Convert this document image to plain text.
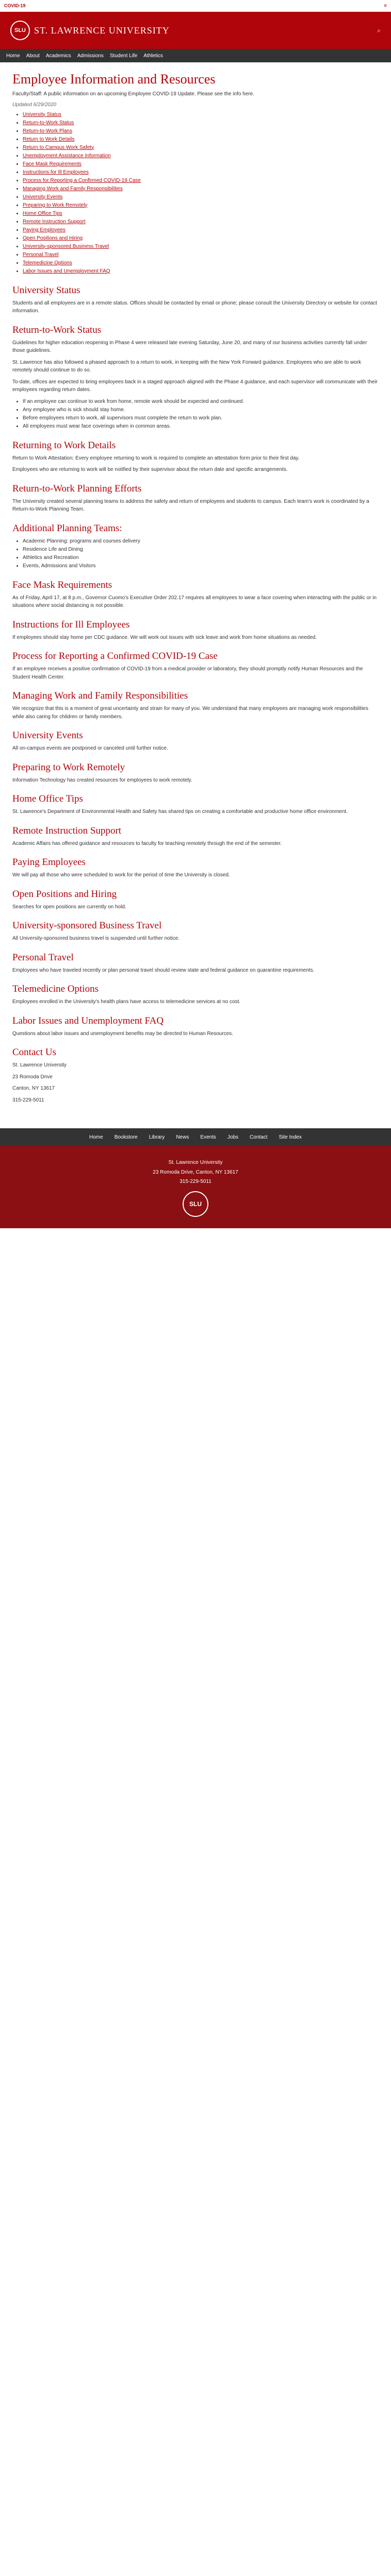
COVID-19	≡
SLU ST. LAWRENCE UNIVERSITY	⌕
Home About Academics Admissions Student Life Athletics
Employee Information and Resources

Faculty/Staff: A public information on an upcoming Employee COVID-19 Update. Please see the info here.

Updated 6/29/2020
• University Status
• Return-to-Work Status
• Return-to-Work Plans
• Return to Work Details
• Return to Campus Work Safety
• Unemployment Assistance Information
• Face Mask Requirements
• Instructions for Ill Employees
• Process for Reporting a Confirmed COVID-19 Case
• Managing Work and Family Responsibilities
• University Events
• Preparing to Work Remotely
• Home Office Tips
• Remote Instruction Support
• Paying Employees
• Open Positions and Hiring
• University-sponsored Business Travel
• Personal Travel
• Telemedicine Options
• Labor Issues and Unemployment FAQ
University Status

Students and all employees are in a remote status. Offices should be contacted by email or phone; please consult the University Directory or website for contact information.

Return-to-Work Status

Guidelines for higher education reopening in Phase 4 were released late evening Saturday, June 20, and many of our business activities currently fall under those guidelines.

St. Lawrence has also followed a phased approach to a return to work, in keeping with the New York Forward guidance. Employees who are able to work remotely should continue to do so.

To-date, offices are expected to bring employees back in a staged approach aligned with the Phase 4 guidance, and each supervisor will communicate with their employees regarding return dates.

• If an employee can continue to work from home, remote work should be expected and continued.
• Any employee who is sick should stay home.
• Before employees return to work, all supervisors must complete the return to work plan.
• All employees must wear face coverings when in common areas.
Returning to Work Details

Return to Work Attestation: Every employee returning to work is required to complete an attestation form prior to their first day.

Employees who are returning to work will be notified by their supervisor about the return date and specific arrangements.

Return-to-Work Planning Efforts

The University created several planning teams to address the safety and return of employees and students to campus. Each team's work is coordinated by a Return-to-Work Planning Team.

Additional Planning Teams:
• Academic Planning: programs and courses delivery
• Residence Life and Dining
• Athletics and Recreation
• Events, Admissions and Visitors
Face Mask Requirements

As of Friday, April 17, at 8 p.m., Governor Cuomo's Executive Order 202.17 requires all employees to wear a face covering when interacting with the public or in situations where social distancing is not possible.

Instructions for Ill Employees

If employees should stay home per CDC guidance. We will work out issues with sick leave and work from home situations as needed.

Process for Reporting a Confirmed COVID-19 Case

If an employee receives a positive confirmation of COVID-19 from a medical provider or laboratory, they should promptly notify Human Resources and the Student Health Center.

Managing Work and Family Responsibilities

We recognize that this is a moment of great uncertainty and strain for many of you. We understand that many employees are managing work responsibilities while also caring for children or family members.

University Events

All on-campus events are postponed or canceled until further notice.

Preparing to Work Remotely

Information Technology has created resources for employees to work remotely.

Home Office Tips

St. Lawrence's Department of Environmental Health and Safety has shared tips on creating a comfortable and productive home office environment.

Remote Instruction Support

Academic Affairs has offered guidance and resources to faculty for teaching remotely through the end of the semester.

Paying Employees

We will pay all those who were scheduled to work for the period of time the University is closed.

Open Positions and Hiring

Searches for open positions are currently on hold.

University-sponsored Business Travel

All University-sponsored business travel is suspended until further notice.

Personal Travel

Employees who have traveled recently or plan personal travel should review state and federal guidance on quarantine requirements.

Telemedicine Options

Employees enrolled in the University's health plans have access to telemedicine services at no cost.

Labor Issues and Unemployment FAQ

Questions about labor issues and unemployment benefits may be directed to Human Resources.

Contact Us

St. Lawrence University

23 Romoda Drive

Canton, NY 13617

315-229-5011

Home Bookstore Library News Events Jobs Contact Site Index

St. Lawrence University

23 Romoda Drive, Canton, NY 13617

315-229-5011

SLU
